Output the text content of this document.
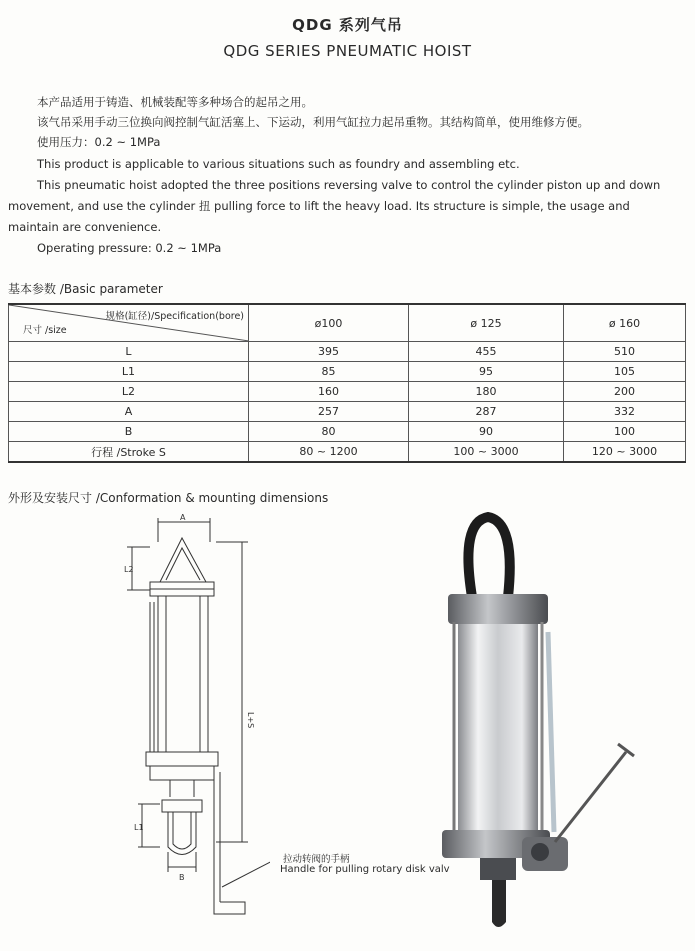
QDG 系列气吊
QDG SERIES PNEUMATIC HOIST
本产品适用于铸造、机械装配等多种场合的起吊之用。
该气吊采用手动三位换向阀控制气缸活塞上、下运动，利用气缸拉力起吊重物。其结构简单，使用维修方便。
使用压力：0.2 ~ 1MPa
This product is applicable to various situations such as foundry and assembling etc.
This pneumatic hoist adopted the three positions reversing valve to control the cylinder piston up and down
movement, and use the cylinder 扭 pulling force to lift the heavy load. Its structure is simple, the usage and
maintain are convenience.
Operating pressure: 0.2 ~ 1MPa
基本参数 /Basic parameter
规格(缸径)/Specification(bore)
尺寸 /size	ø100	ø 125	ø 160
L	395	455	510
L1	85	95	105
L2	160	180	200
A	257	287	332
B	80	90	100
行程 /Stroke S	80 ~ 1200	100 ~ 3000	120 ~ 3000
外形及安装尺寸 /Conformation & mounting dimensions
A
L2
L+S
L1
B
拉动转阀的手柄
Handle for pulling rotary disk valv
